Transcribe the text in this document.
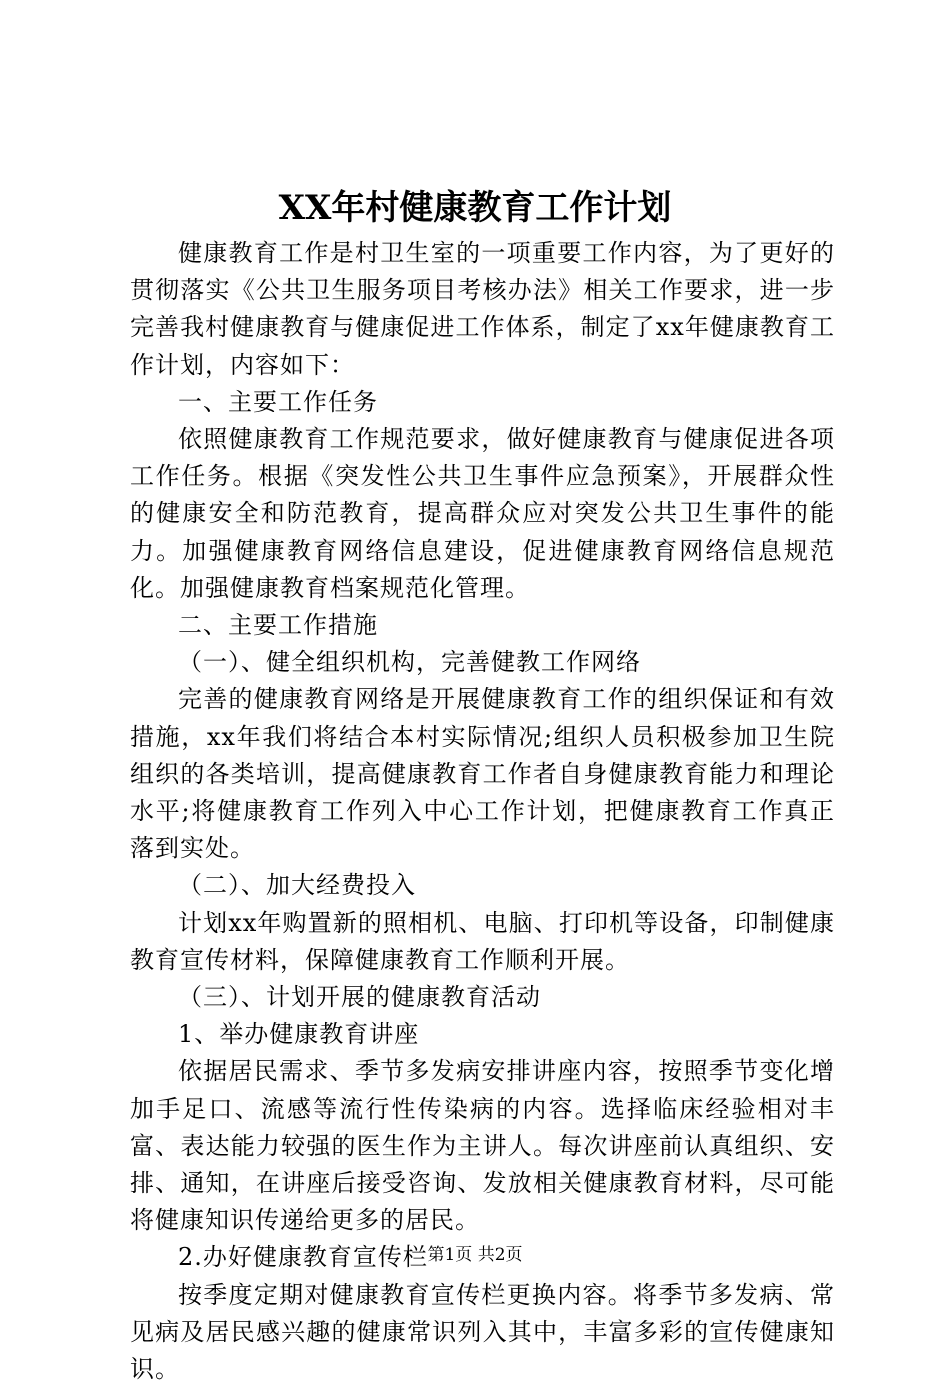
XX年村健康教育工作计划

健康教育工作是村卫生室的一项重要工作内容，为了更好的贯彻落实《公共卫生服务项目考核办法》相关工作要求，进一步完善我村健康教育与健康促进工作体系，制定了xx年健康教育工作计划，内容如下：

一、主要工作任务

依照健康教育工作规范要求，做好健康教育与健康促进各项工作任务。根据《突发性公共卫生事件应急预案》，开展群众性的健康安全和防范教育，提高群众应对突发公共卫生事件的能力。加强健康教育网络信息建设，促进健康教育网络信息规范化。加强健康教育档案规范化管理。

二、主要工作措施

（一）、健全组织机构，完善健教工作网络

完善的健康教育网络是开展健康教育工作的组织保证和有效措施，xx年我们将结合本村实际情况;组织人员积极参加卫生院组织的各类培训，提高健康教育工作者自身健康教育能力和理论水平;将健康教育工作列入中心工作计划，把健康教育工作真正落到实处。

（二）、加大经费投入

计划xx年购置新的照相机、电脑、打印机等设备，印制健康教育宣传材料，保障健康教育工作顺利开展。

（三）、计划开展的健康教育活动

1、举办健康教育讲座

依据居民需求、季节多发病安排讲座内容，按照季节变化增加手足口、流感等流行性传染病的内容。选择临床经验相对丰富、表达能力较强的医生作为主讲人。每次讲座前认真组织、安排、通知，在讲座后接受咨询、发放相关健康教育材料，尽可能将健康知识传递给更多的居民。

2.办好健康教育宣传栏

按季度定期对健康教育宣传栏更换内容。将季节多发病、常见病及居民感兴趣的健康常识列入其中，丰富多彩的宣传健康知识。

第1页 共2页
